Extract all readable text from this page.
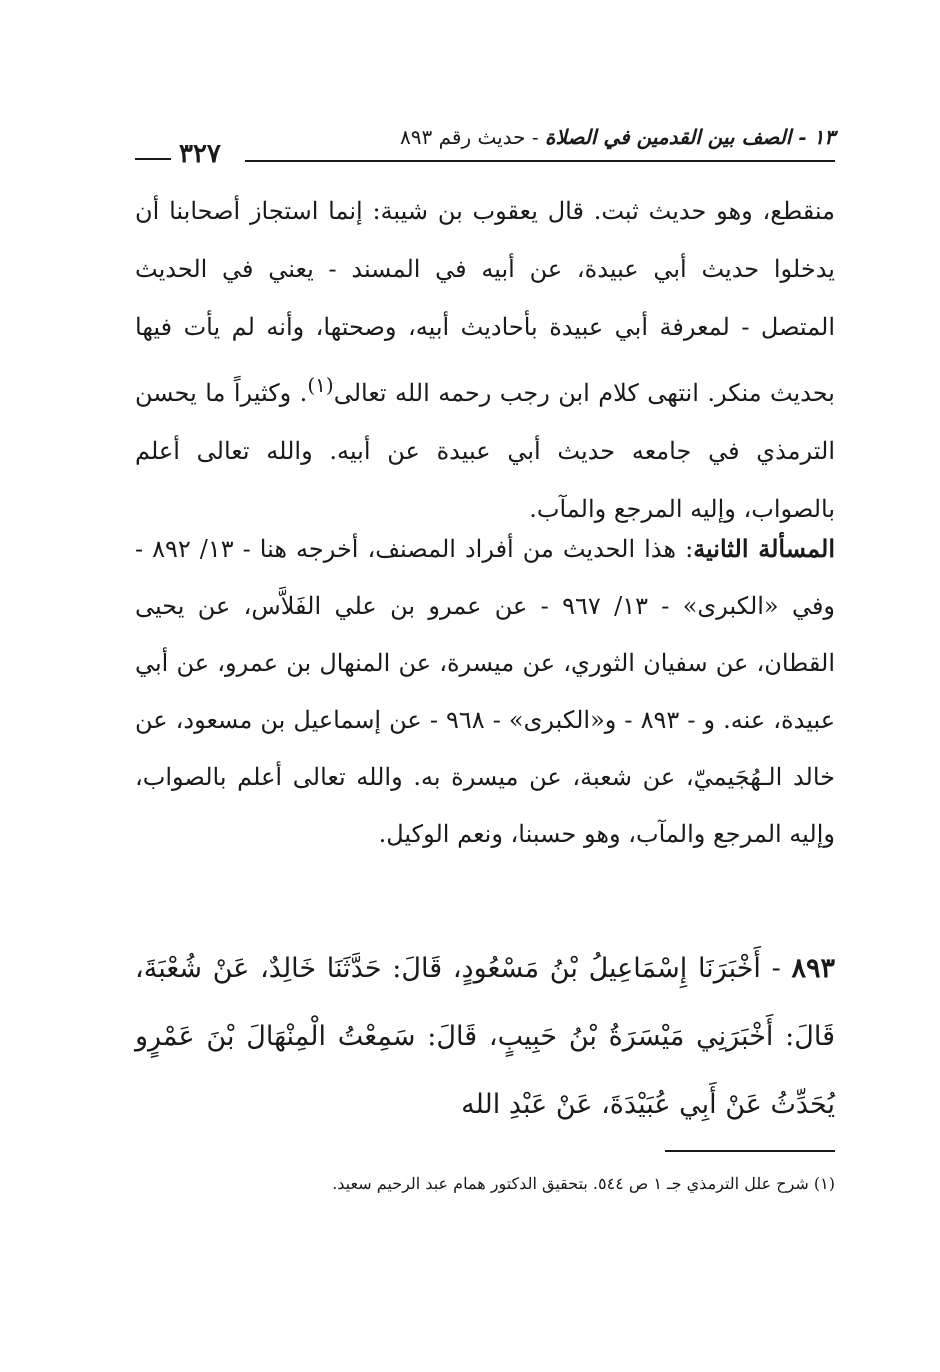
١٣ - الصف بين القدمين في الصلاة - حديث رقم ٨٩٣
٣٢٧

منقطع، وهو حديث ثبت. قال يعقوب بن شيبة: إنما استجاز أصحابنا أن يدخلوا حديث أبي عبيدة، عن أبيه في المسند - يعني في الحديث المتصل - لمعرفة أبي عبيدة بأحاديث أبيه، وصحتها، وأنه لم يأت فيها بحديث منكر. انتهى كلام ابن رجب رحمه الله تعالى$^{(١)}$. وكثيراً ما يحسن الترمذي في جامعه حديث أبي عبيدة عن أبيه. والله تعالى أعلم بالصواب، وإليه المرجع والمآب.

المسألة الثانية: هذا الحديث من أفراد المصنف، أخرجه هنا - ١٣/ ٨٩٢ - وفي «الكبرى» - ١٣/ ٩٦٧ - عن عمرو بن علي الفَلاَّس، عن يحيى القطان، عن سفيان الثوري، عن ميسرة، عن المنهال بن عمرو، عن أبي عبيدة، عنه. و - ٨٩٣ - و«الكبرى» - ٩٦٨ - عن إسماعيل بن مسعود، عن خالد الـهُجَيميّ، عن شعبة، عن ميسرة به. والله تعالى أعلم بالصواب، وإليه المرجع والمآب، وهو حسبنا، ونعم الوكيل.

٨٩٣ - أَخْبَرَنَا إِسْمَاعِيلُ بْنُ مَسْعُودٍ، قَالَ: حَدَّثَنَا خَالِدٌ، عَنْ شُعْبَةَ، قَالَ: أَخْبَرَنِي مَيْسَرَةُ بْنُ حَبِيبٍ، قَالَ: سَمِعْتُ الْمِنْهَالَ بْنَ عَمْرٍو يُحَدِّثُ عَنْ أَبِي عُبَيْدَةَ، عَنْ عَبْدِ الله

(١) شرح علل الترمذي جـ ١ ص ٥٤٤. بتحقيق الدكتور همام عبد الرحيم سعيد.
